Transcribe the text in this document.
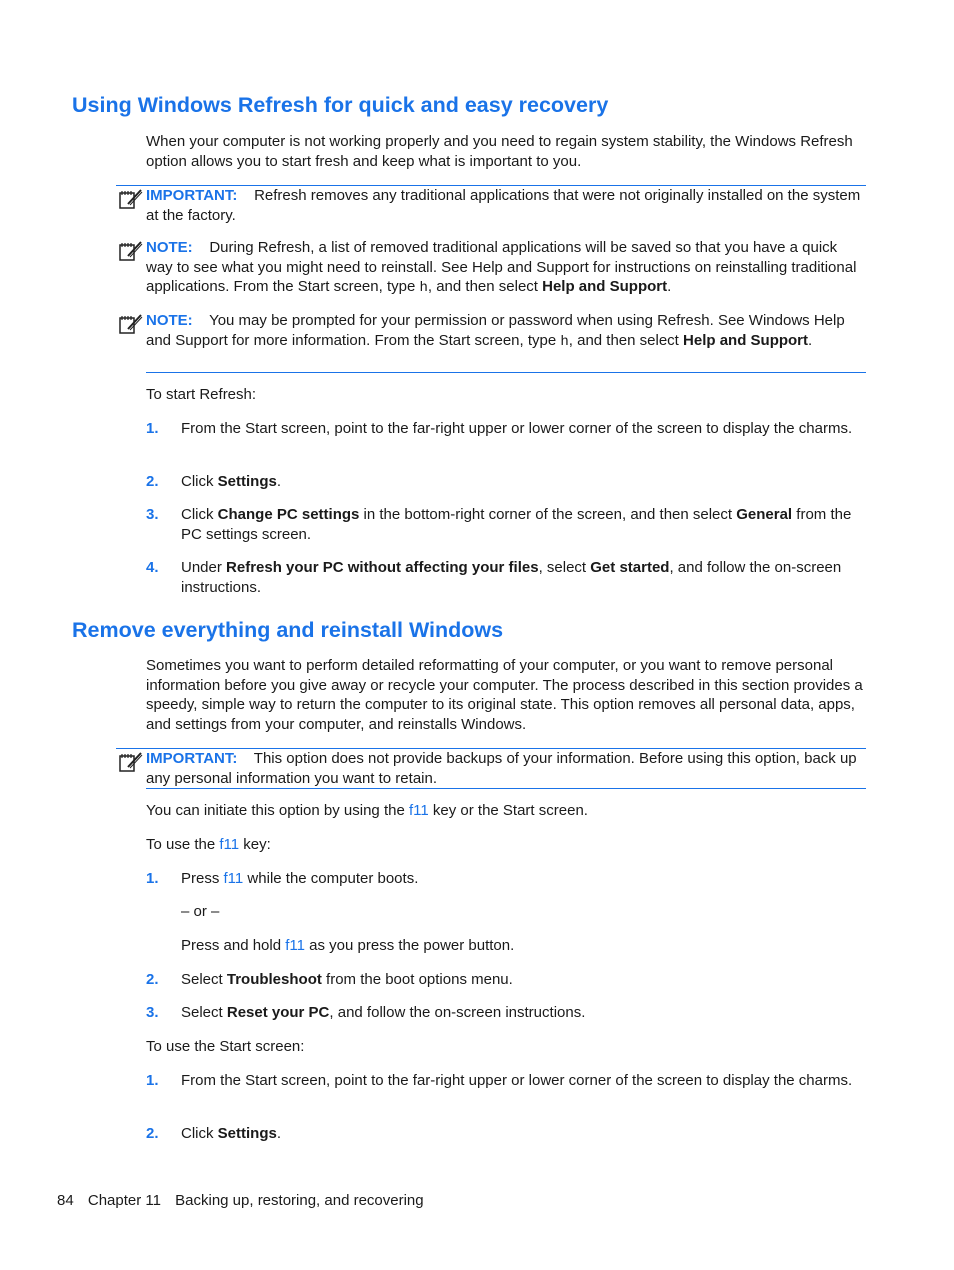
Using Windows Refresh for quick and easy recovery

When your computer is not working properly and you need to regain system stability, the Windows Refresh option allows you to start fresh and keep what is important to you.

IMPORTANT: Refresh removes any traditional applications that were not originally installed on the system at the factory.
NOTE: During Refresh, a list of removed traditional applications will be saved so that you have a quick way to see what you might need to reinstall. See Help and Support for instructions on reinstalling traditional applications. From the Start screen, type h, and then select Help and Support.
NOTE: You may be prompted for your permission or password when using Refresh. See Windows Help and Support for more information. From the Start screen, type h, and then select Help and Support.

To start Refresh:

1. From the Start screen, point to the far-right upper or lower corner of the screen to display the charms.
2. Click Settings.
3. Click Change PC settings in the bottom-right corner of the screen, and then select General from the PC settings screen.
4. Under Refresh your PC without affecting your files, select Get started, and follow the on-screen instructions.
Remove everything and reinstall Windows

Sometimes you want to perform detailed reformatting of your computer, or you want to remove personal information before you give away or recycle your computer. The process described in this section provides a speedy, simple way to return the computer to its original state. This option removes all personal data, apps, and settings from your computer, and reinstalls Windows.

IMPORTANT: This option does not provide backups of your information. Before using this option, back up any personal information you want to retain.

You can initiate this option by using the f11 key or the Start screen.

To use the f11 key:

1. Press f11 while the computer boots.

– or –

Press and hold f11 as you press the power button.

2. Select Troubleshoot from the boot options menu.
3. Select Reset your PC, and follow the on-screen instructions.

To use the Start screen:

1. From the Start screen, point to the far-right upper or lower corner of the screen to display the charms.
2. Click Settings.
84 Chapter 11 Backing up, restoring, and recovering
